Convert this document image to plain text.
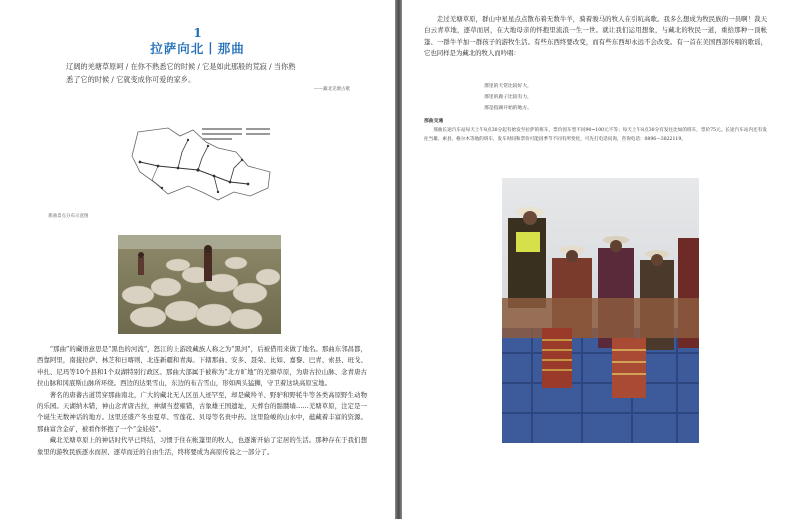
1
拉萨向北丨那曲
辽阔的羌塘草原呵 / 在你不熟悉它的时候 / 它是如此那般的荒寂 / 当你熟
悉了它的时候 / 它就变成你可爱的家乡。
——藏北羌塘古歌
那曲景点分布示意图

“那曲”的藏语意思是“黑色的河流”，怒江的上游段藏族人称之为“黑河”，后被借用来做了地名。那曲东邻昌都，西靠阿里，南接拉萨、林芝和日喀则，北连新疆和青海。下辖那曲、安多、聂荣、比如、嘉黎、巴青、索县、班戈、申扎、尼玛等10个县和1个双湖特别行政区。那曲大部属于被称为“北方旷地”的羌塘草原，为唐古拉山脉、念青唐古拉山脉和冈底斯山脉所环绕。西边的达果雪山，东边的布吉雪山，形如两头猛狮，守卫着这块高原宝地。

著名的唐蕃古道贯穿那曲南北，广大的藏北无人区虽人迹罕至，却是藏羚羊、野驴和野牦牛等各类高原野生动物的乐园。天湖纳木错，神山念青唐古拉，神湖当惹雍错，古象雄王国遗址，天葬台的骷髅墙……羌塘草原，注定是一个诞生无数神话的地方。这里还盛产冬虫夏草、雪莲花、贝母等名贵中药。这里险峻的山水中，蕴藏着丰富的资源。那曲富含金矿，被看作怀抱了一个“金娃娃”。

藏北羌塘草原上的神话时代早已终结，习惯于住在帐篷里的牧人，也逐渐开始了定居的生活。那种存在于我们想象里的游牧民族逐水而居、逐草而迁的自由生活，终将要成为高原传说之一部分了。

走过羌塘草原，群山中星星点点散布着无数牛羊，骑着骏马的牧人在引吭高歌。我多么想成为牧民族的一员啊！裁天白云青草地，逐草而居，在大地母亲的怀抱里流浪一生一世。就让我们运用想象，与藏北的牧民一道，重拾那种一顶帐篷、一群牛羊加一群孩子的游牧生活。有些东西终要改变，而有些东西却永远不会改变。有一首在美国西部传唱的歌谣，它也同样是为藏北的牧人而吟唱：

那里的天常比较好大，
那里的鹿子比较有力，
那是指湖开始的地方。
那曲交通

那曲长途汽车站每天上午8点30分起有始发至拉萨的班车，票价因车型不同90~100元不等；每天上午8点30分有发往比如的班车，票价75元。长途汽车站内还有发往当雄、索县、格尔木等地的班车，发车时间和票价可能因季节不同有所变化，可先打电话问询，咨询电话：0896—3822119。
